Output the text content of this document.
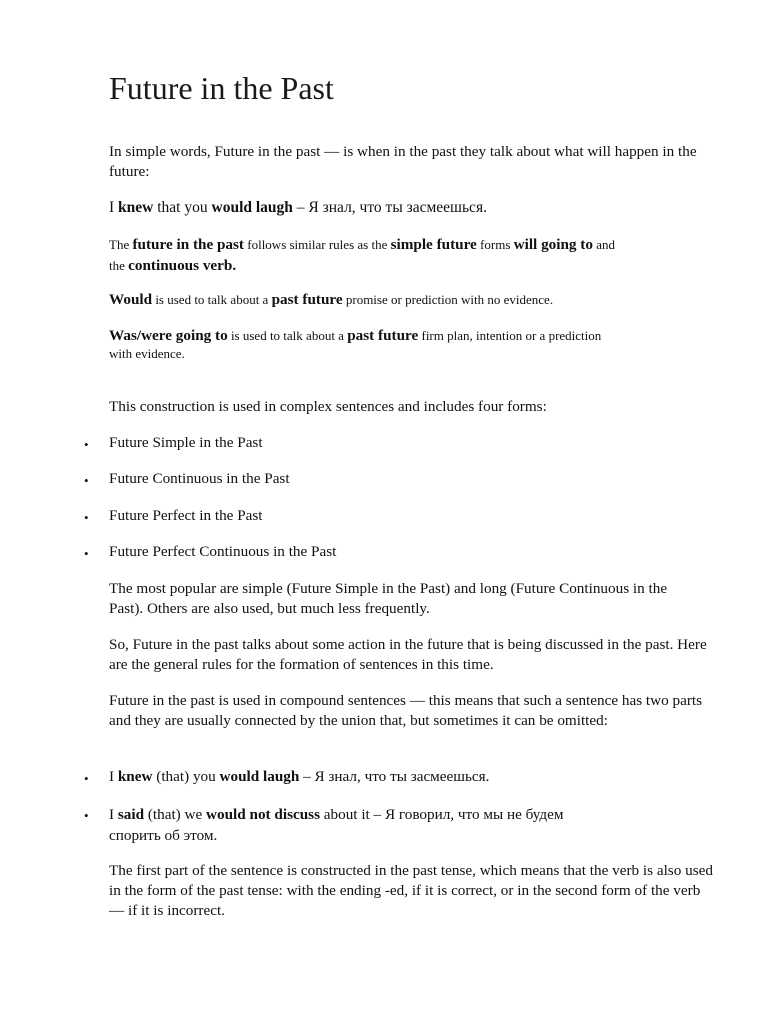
Future in the Past

In simple words, Future in the past — is when in the past they talk about what will happen in the future:

I knew that you would laugh – Я знал, что ты засмеешься.

The future in the past follows similar rules as the simple future forms will going to and
the continuous verb.

Would is used to talk about a past future promise or prediction with no evidence.

Was/were going to is used to talk about a past future firm plan, intention or a prediction
with evidence.

This construction is used in complex sentences and includes four forms:

• Future Simple in the Past
• Future Continuous in the Past
• Future Perfect in the Past
• Future Perfect Continuous in the Past

The most popular are simple (Future Simple in the Past) and long (Future Continuous in the Past). Others are also used, but much less frequently.

So, Future in the past talks about some action in the future that is being discussed in the past. Here are the general rules for the formation of sentences in this time.

Future in the past is used in compound sentences — this means that such a sentence has two parts and they are usually connected by the union that, but sometimes it can be omitted:

• I knew (that) you would laugh – Я знал, что ты засмеешься.
• I said (that) we would not discuss about it – Я говорил, что мы не будем
спорить об этом.

The first part of the sentence is constructed in the past tense, which means that the verb is also used in the form of the past tense: with the ending -ed, if it is correct, or in the second form of the verb — if it is incorrect.
